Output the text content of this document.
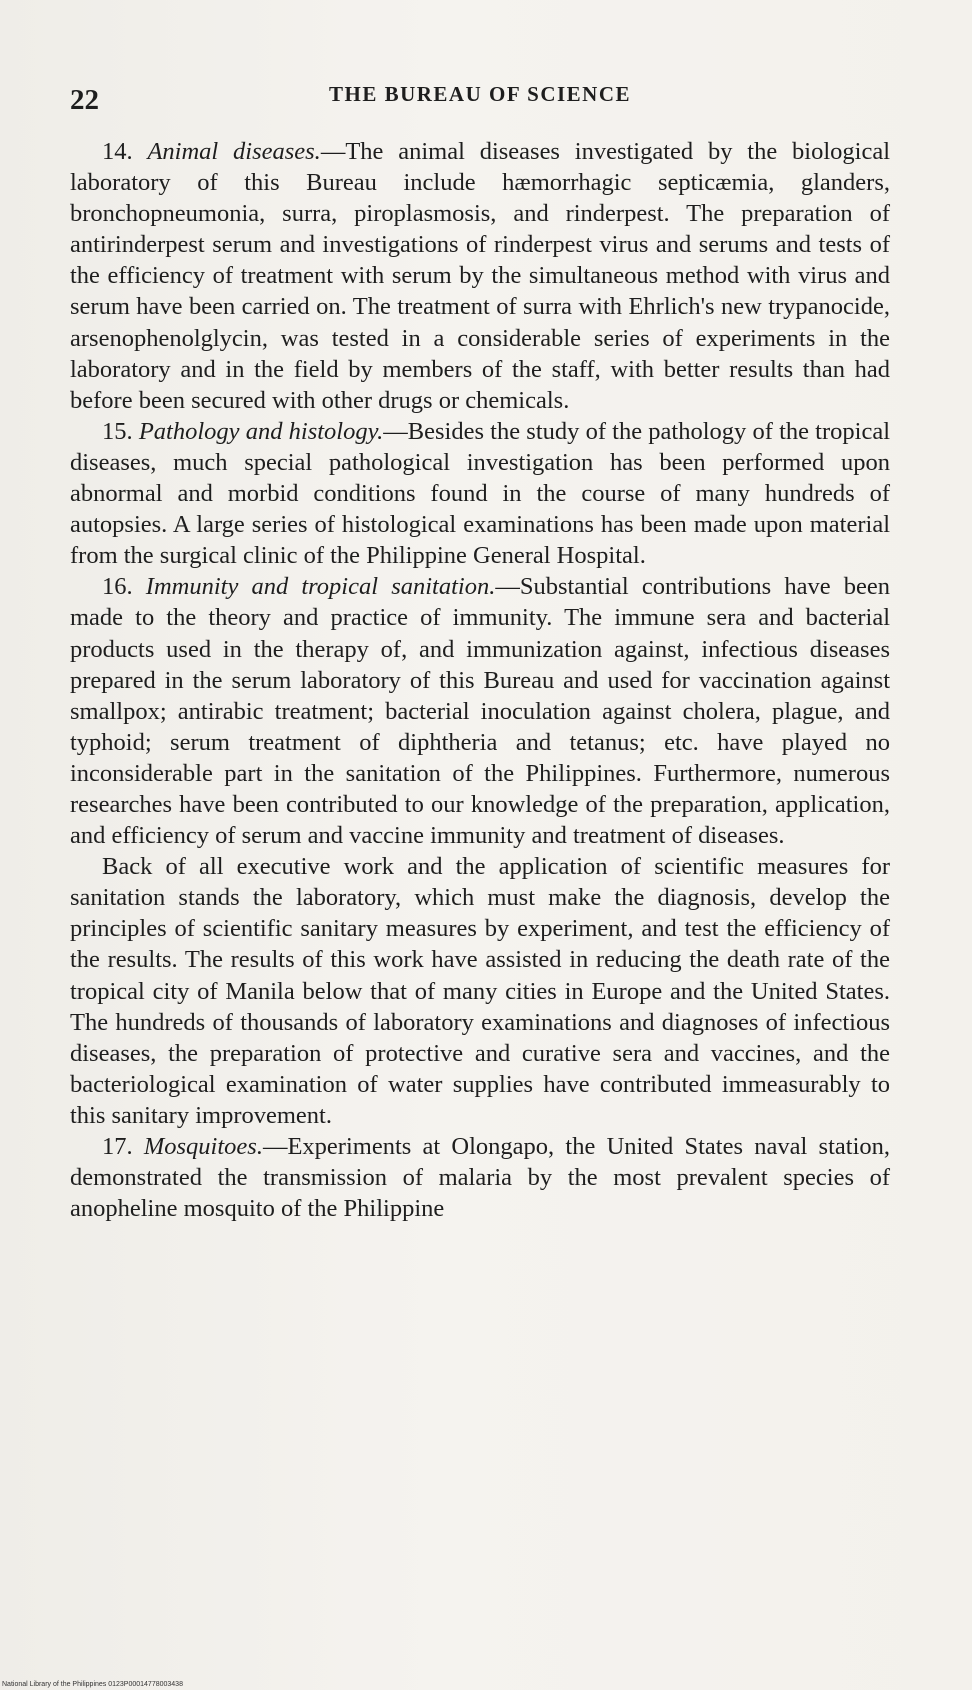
22	THE BUREAU OF SCIENCE

14. Animal diseases.—The animal diseases investigated by the biological laboratory of this Bureau include hæmorrhagic septicæmia, glanders, bronchopneumonia, surra, piroplasmosis, and rinderpest. The preparation of antirinderpest serum and investigations of rinderpest virus and serums and tests of the efficiency of treatment with serum by the simultaneous method with virus and serum have been carried on. The treatment of surra with Ehrlich's new trypanocide, arsenophenolglycin, was tested in a considerable series of experiments in the laboratory and in the field by members of the staff, with better results than had before been secured with other drugs or chemicals.

15. Pathology and histology.—Besides the study of the pathology of the tropical diseases, much special pathological investigation has been performed upon abnormal and morbid conditions found in the course of many hundreds of autopsies. A large series of histological examinations has been made upon material from the surgical clinic of the Philippine General Hospital.

16. Immunity and tropical sanitation.—Substantial contributions have been made to the theory and practice of immunity. The immune sera and bacterial products used in the therapy of, and immunization against, infectious diseases prepared in the serum laboratory of this Bureau and used for vaccination against smallpox; antirabic treatment; bacterial inoculation against cholera, plague, and typhoid; serum treatment of diphtheria and tetanus; etc. have played no inconsiderable part in the sanitation of the Philippines. Furthermore, numerous researches have been contributed to our knowledge of the preparation, application, and efficiency of serum and vaccine immunity and treatment of diseases.

Back of all executive work and the application of scientific measures for sanitation stands the laboratory, which must make the diagnosis, develop the principles of scientific sanitary measures by experiment, and test the efficiency of the results. The results of this work have assisted in reducing the death rate of the tropical city of Manila below that of many cities in Europe and the United States. The hundreds of thousands of laboratory examinations and diagnoses of infectious diseases, the preparation of protective and curative sera and vaccines, and the bacteriological examination of water supplies have contributed immeasurably to this sanitary improvement.

17. Mosquitoes.—Experiments at Olongapo, the United States naval station, demonstrated the transmission of malaria by the most prevalent species of anopheline mosquito of the Philippine

National Library of the Philippines 0123P00014778003438
